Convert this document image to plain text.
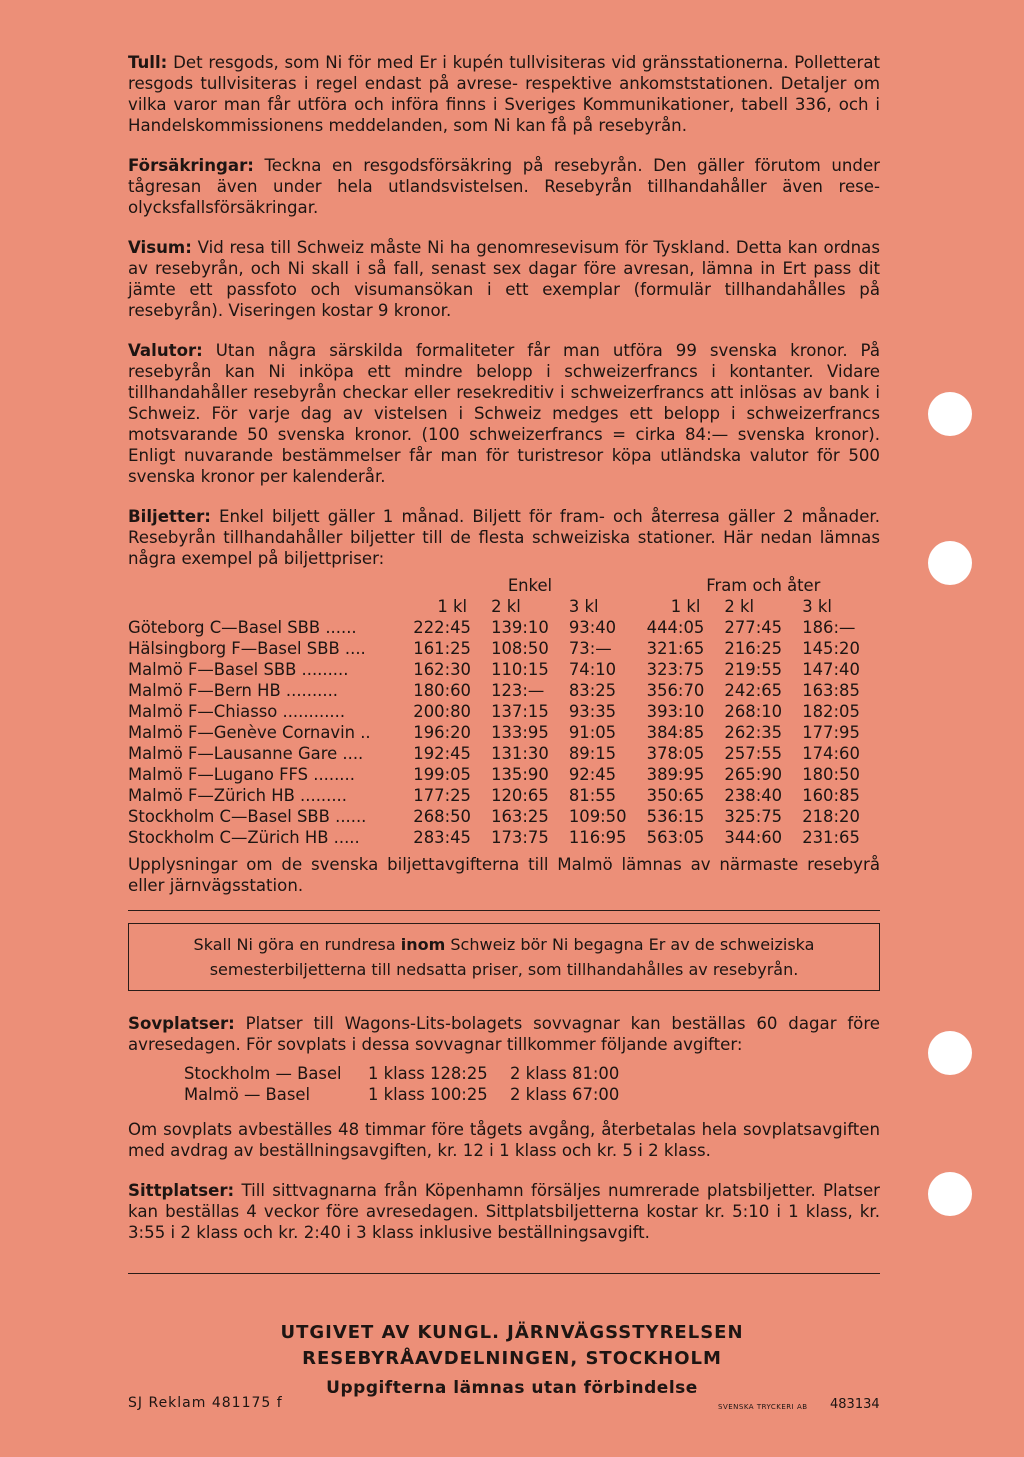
Tull: Det resgods, som Ni för med Er i kupén tullvisiteras vid gränsstationerna. Polletterat resgods tullvisiteras i regel endast på avrese- respektive ankomststationen. Detaljer om vilka varor man får utföra och införa finns i Sveriges Kommunikationer, tabell 336, och i Handelskommissionens meddelanden, som Ni kan få på resebyrån.

Försäkringar: Teckna en resgodsförsäkring på resebyrån. Den gäller förutom under tågresan även under hela utlandsvistelsen. Resebyrån tillhandahåller även rese-olycksfallsförsäkringar.

Visum: Vid resa till Schweiz måste Ni ha genomresevisum för Tyskland. Detta kan ordnas av resebyrån, och Ni skall i så fall, senast sex dagar före avresan, lämna in Ert pass dit jämte ett passfoto och visumansökan i ett exemplar (formulär tillhandahålles på resebyrån). Viseringen kostar 9 kronor.

Valutor: Utan några särskilda formaliteter får man utföra 99 svenska kronor. På resebyrån kan Ni inköpa ett mindre belopp i schweizerfrancs i kontanter. Vidare tillhandahåller resebyrån checkar eller resekreditiv i schweizerfrancs att inlösas av bank i Schweiz. För varje dag av vistelsen i Schweiz medges ett belopp i schweizerfrancs motsvarande 50 svenska kronor. (100 schweizerfrancs = cirka 84:— svenska kronor). Enligt nuvarande bestämmelser får man för turistresor köpa utländska valutor för 500 svenska kronor per kalenderår.

Biljetter: Enkel biljett gäller 1 månad. Biljett för fram- och återresa gäller 2 månader. Resebyrån tillhandahåller biljetter till de flesta schweiziska stationer. Här nedan lämnas några exempel på biljettpriser:

	Enkel			Fram och åter		
	1 kl	2 kl	3 kl	1 kl	2 kl	3 kl
Göteborg C—Basel SBB ......	222:45	139:10	93:40	444:05	277:45	186:—
Hälsingborg F—Basel SBB ....	161:25	108:50	73:—	321:65	216:25	145:20
Malmö F—Basel SBB .........	162:30	110:15	74:10	323:75	219:55	147:40
Malmö F—Bern HB ..........	180:60	123:—	83:25	356:70	242:65	163:85
Malmö F—Chiasso ............	200:80	137:15	93:35	393:10	268:10	182:05
Malmö F—Genève Cornavin ..	196:20	133:95	91:05	384:85	262:35	177:95
Malmö F—Lausanne Gare ....	192:45	131:30	89:15	378:05	257:55	174:60
Malmö F—Lugano FFS ........	199:05	135:90	92:45	389:95	265:90	180:50
Malmö F—Zürich HB .........	177:25	120:65	81:55	350:65	238:40	160:85
Stockholm C—Basel SBB ......	268:50	163:25	109:50	536:15	325:75	218:20
Stockholm C—Zürich HB .....	283:45	173:75	116:95	563:05	344:60	231:65

Upplysningar om de svenska biljettavgifterna till Malmö lämnas av närmaste resebyrå eller järnvägsstation.

Skall Ni göra en rundresa inom Schweiz bör Ni begagna Er av de schweiziska semesterbiljetterna till nedsatta priser, som tillhandahålles av resebyrån.

Sovplatser: Platser till Wagons-Lits-bolagets sovvagnar kan beställas 60 dagar före avresedagen. För sovplats i dessa sovvagnar tillkommer följande avgifter:

Stockholm — Basel	1 klass 128:25	2 klass 81:00
Malmö — Basel	1 klass 100:25	2 klass 67:00

Om sovplats avbeställes 48 timmar före tågets avgång, återbetalas hela sovplatsavgiften med avdrag av beställningsavgiften, kr. 12 i 1 klass och kr. 5 i 2 klass.

Sittplatser: Till sittvagnarna från Köpenhamn försäljes numrerade platsbiljetter. Platser kan beställas 4 veckor före avresedagen. Sittplatsbiljetterna kostar kr. 5:10 i 1 klass, kr. 3:55 i 2 klass och kr. 2:40 i 3 klass inklusive beställningsavgift.

UTGIVET AV KUNGL. JÄRNVÄGSSTYRELSEN
RESEBYRÅAVDELNINGEN, STOCKHOLM
Uppgifterna lämnas utan förbindelse
SJ Reklam 481175 f	SVENSKA TRYCKERI AB 483134
